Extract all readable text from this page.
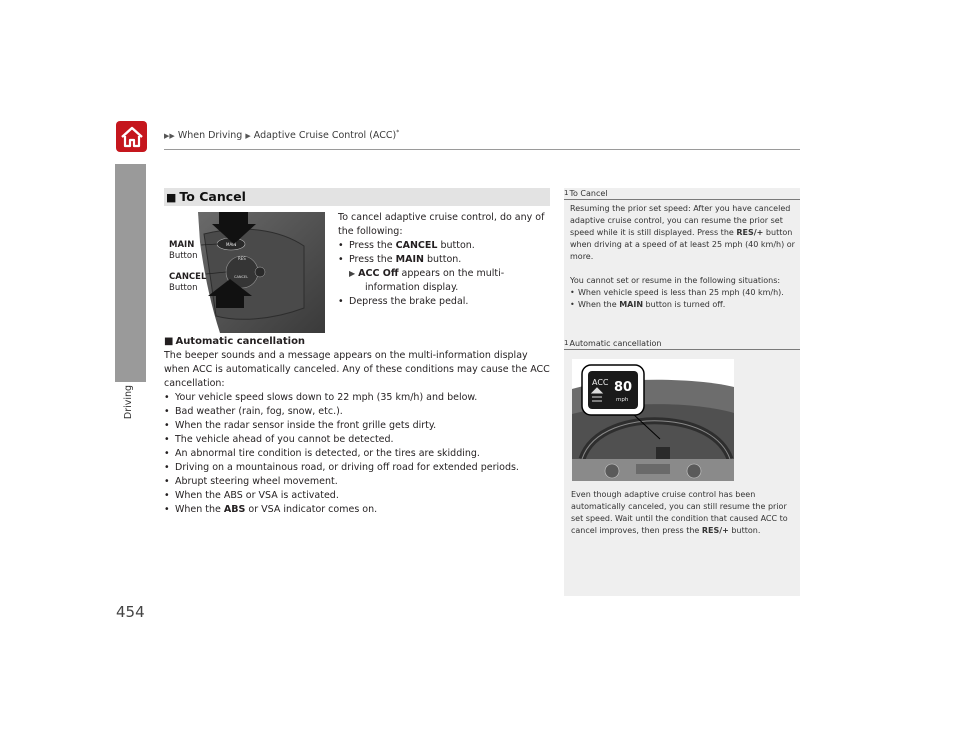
▶▶ When Driving ▶ Adaptive Cruise Control (ACC)*
Driving
■ To Cancel
MAIN
RES
CANCEL
MAIN
Button
CANCEL
Button

To cancel adaptive cruise control, do any of the following:

• Press the CANCEL button.

• Press the MAIN button.

▶ ACC Off appears on the multi-
information display.

• Depress the brake pedal.

■ Automatic cancellation

The beeper sounds and a message appears on the multi-information display when ACC is automatically canceled. Any of these conditions may cause the ACC cancellation:

• Your vehicle speed slows down to 22 mph (35 km/h) and below.

• Bad weather (rain, fog, snow, etc.).

• When the radar sensor inside the front grille gets dirty.

• The vehicle ahead of you cannot be detected.

• An abnormal tire condition is detected, or the tires are skidding.

• Driving on a mountainous road, or driving off road for extended periods.

• Abrupt steering wheel movement.

• When the ABS or VSA is activated.

• When the ABS or VSA indicator comes on.

1To Cancel

Resuming the prior set speed: After you have canceled adaptive cruise control, you can resume the prior set speed while it is still displayed. Press the RES/+ button when driving at a speed of at least 25 mph (40 km/h) or more.

You cannot set or resume in the following situations:

• When vehicle speed is less than 25 mph (40 km/h).

• When the MAIN button is turned off.

1Automatic cancellation
ACC 80
mph

Even though adaptive cruise control has been automatically canceled, you can still resume the prior set speed. Wait until the condition that caused ACC to cancel improves, then press the RES/+ button.

454
